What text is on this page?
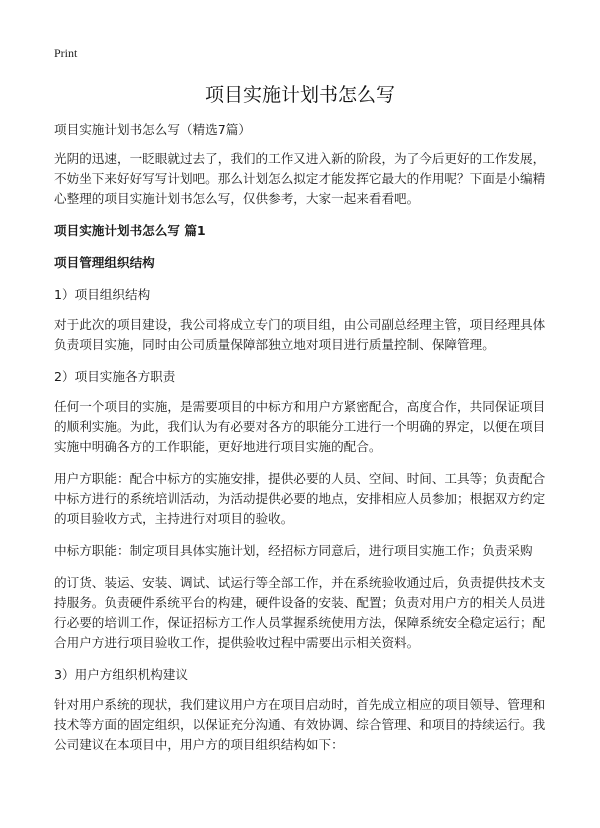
Print
项目实施计划书怎么写

项目实施计划书怎么写（精选7篇）

光阴的迅速，一眨眼就过去了，我们的工作又进入新的阶段，为了今后更好的工作发展，不妨坐下来好好写写计划吧。那么计划怎么拟定才能发挥它最大的作用呢？下面是小编精心整理的项目实施计划书怎么写，仅供参考，大家一起来看看吧。

项目实施计划书怎么写 篇1

项目管理组织结构

1）项目组织结构

对于此次的项目建设，我公司将成立专门的项目组，由公司副总经理主管，项目经理具体负责项目实施，同时由公司质量保障部独立地对项目进行质量控制、保障管理。

2）项目实施各方职责

任何一个项目的实施，是需要项目的中标方和用户方紧密配合，高度合作，共同保证项目的顺利实施。为此，我们认为有必要对各方的职能分工进行一个明确的界定，以便在项目实施中明确各方的工作职能，更好地进行项目实施的配合。

用户方职能：配合中标方的实施安排，提供必要的人员、空间、时间、工具等；负责配合中标方进行的系统培训活动，为活动提供必要的地点，安排相应人员参加；根据双方约定的项目验收方式，主持进行对项目的验收。

中标方职能：制定项目具体实施计划，经招标方同意后，进行项目实施工作；负责采购

的订货、装运、安装、调试、试运行等全部工作，并在系统验收通过后，负责提供技术支持服务。负责硬件系统平台的构建，硬件设备的安装、配置；负责对用户方的相关人员进行必要的培训工作，保证招标方工作人员掌握系统使用方法，保障系统安全稳定运行；配合用户方进行项目验收工作，提供验收过程中需要出示相关资料。

3）用户方组织机构建议

针对用户系统的现状，我们建议用户方在项目启动时，首先成立相应的项目领导、管理和技术等方面的固定组织，以保证充分沟通、有效协调、综合管理、和项目的持续运行。我公司建议在本项目中，用户方的项目组织结构如下：
